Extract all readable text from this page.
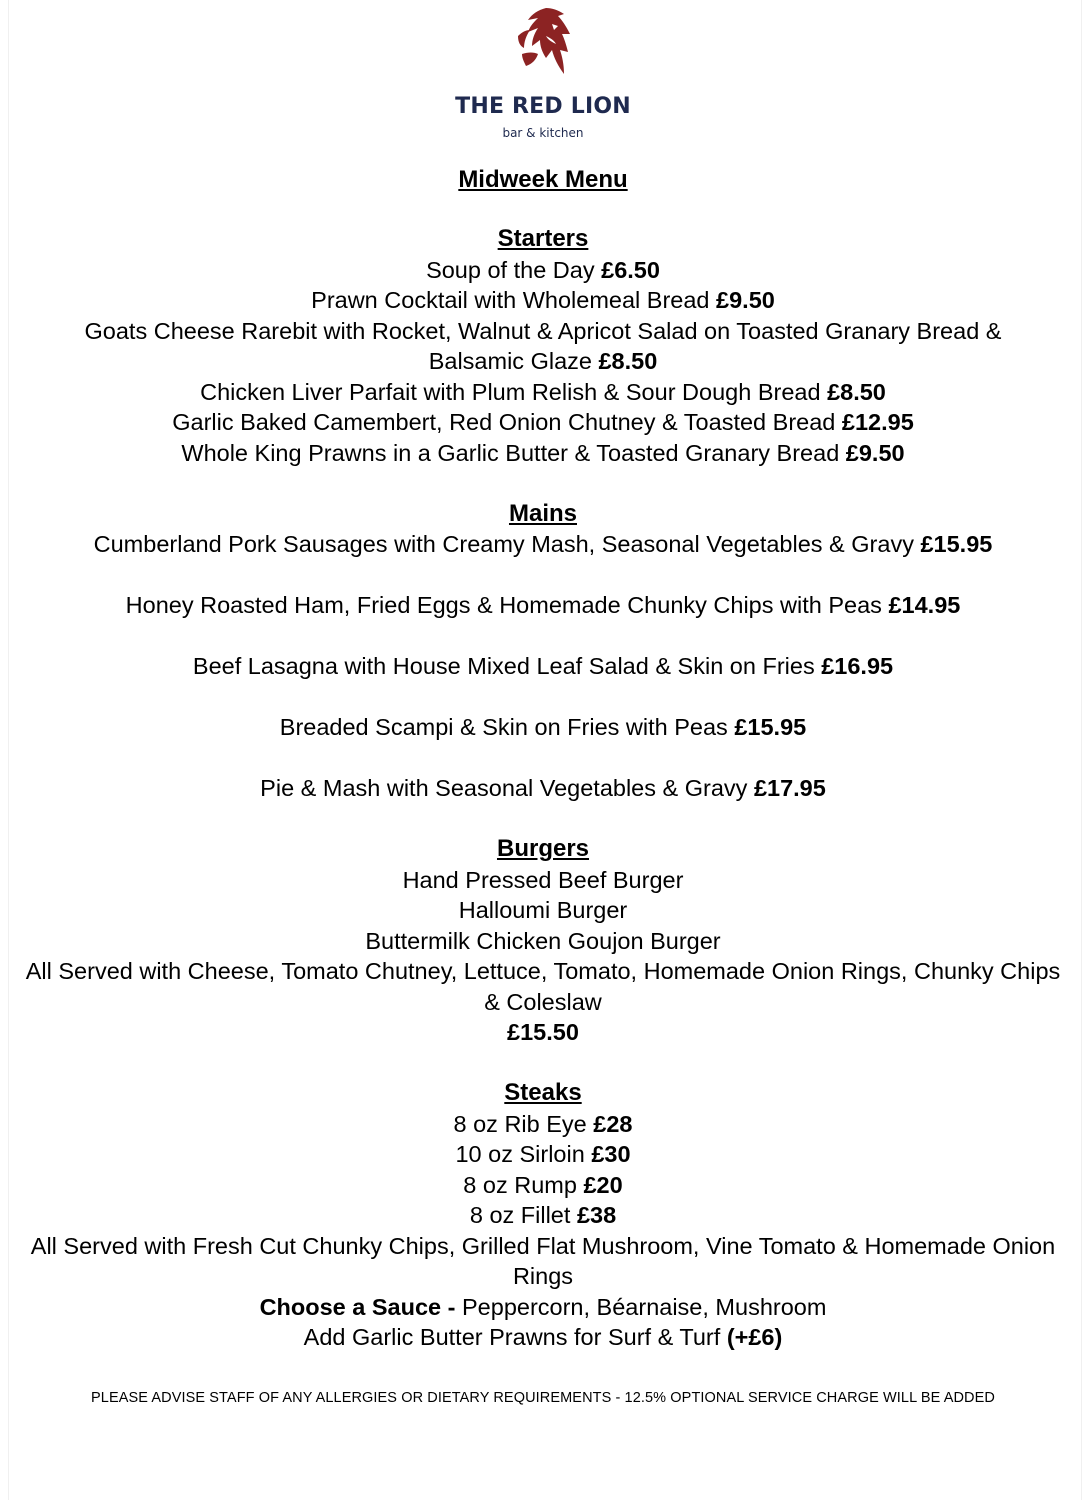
THE RED LION
bar & kitchen
Midweek Menu
Starters
Soup of the Day £6.50
Prawn Cocktail with Wholemeal Bread £9.50
Goats Cheese Rarebit with Rocket, Walnut & Apricot Salad on Toasted Granary Bread & Balsamic Glaze £8.50
Chicken Liver Parfait with Plum Relish & Sour Dough Bread £8.50
Garlic Baked Camembert, Red Onion Chutney & Toasted Bread £12.95
Whole King Prawns in a Garlic Butter & Toasted Granary Bread £9.50
Mains
Cumberland Pork Sausages with Creamy Mash, Seasonal Vegetables & Gravy £15.95
Honey Roasted Ham, Fried Eggs & Homemade Chunky Chips with Peas £14.95
Beef Lasagna with House Mixed Leaf Salad & Skin on Fries £16.95
Breaded Scampi & Skin on Fries with Peas £15.95
Pie & Mash with Seasonal Vegetables & Gravy £17.95
Burgers
Hand Pressed Beef Burger
Halloumi Burger
Buttermilk Chicken Goujon Burger
All Served with Cheese, Tomato Chutney, Lettuce, Tomato, Homemade Onion Rings, Chunky Chips & Coleslaw
£15.50
Steaks
8 oz Rib Eye £28
10 oz Sirloin £30
8 oz Rump £20
8 oz Fillet £38
All Served with Fresh Cut Chunky Chips, Grilled Flat Mushroom, Vine Tomato & Homemade Onion Rings
Choose a Sauce - Peppercorn, Béarnaise, Mushroom
Add Garlic Butter Prawns for Surf & Turf (+£6)
PLEASE ADVISE STAFF OF ANY ALLERGIES OR DIETARY REQUIREMENTS - 12.5% OPTIONAL SERVICE CHARGE WILL BE ADDED
